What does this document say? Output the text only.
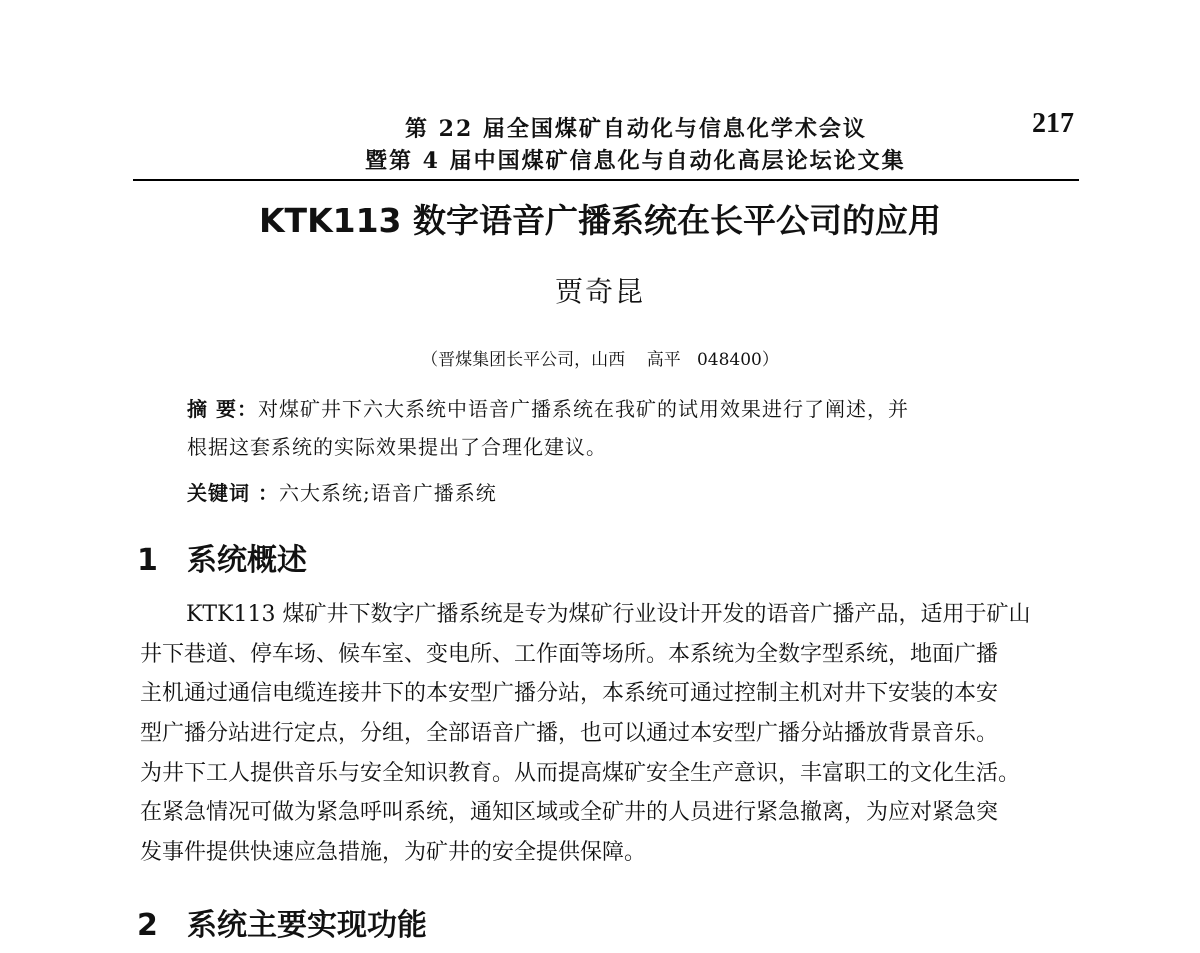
第 22 届全国煤矿自动化与信息化学术会议
暨第 4 届中国煤矿信息化与自动化高层论坛论文集
217
KTK113 数字语音广播系统在长平公司的应用
贾奇昆
（晋煤集团长平公司，山西    高平   048400）
摘 要：对煤矿井下六大系统中语音广播系统在我矿的试用效果进行了阐述，并
根据这套系统的实际效果提出了合理化建议。
关键词 ：六大系统;语音广播系统
1 系统概述
KTK113 煤矿井下数字广播系统是专为煤矿行业设计开发的语音广播产品，适用于矿山
井下巷道、停车场、候车室、变电所、工作面等场所。本系统为全数字型系统，地面广播
主机通过通信电缆连接井下的本安型广播分站，本系统可通过控制主机对井下安装的本安
型广播分站进行定点，分组，全部语音广播，也可以通过本安型广播分站播放背景音乐。
为井下工人提供音乐与安全知识教育。从而提高煤矿安全生产意识，丰富职工的文化生活。
在紧急情况可做为紧急呼叫系统，通知区域或全矿井的人员进行紧急撤离，为应对紧急突
发事件提供快速应急措施，为矿井的安全提供保障。
2 系统主要实现功能
